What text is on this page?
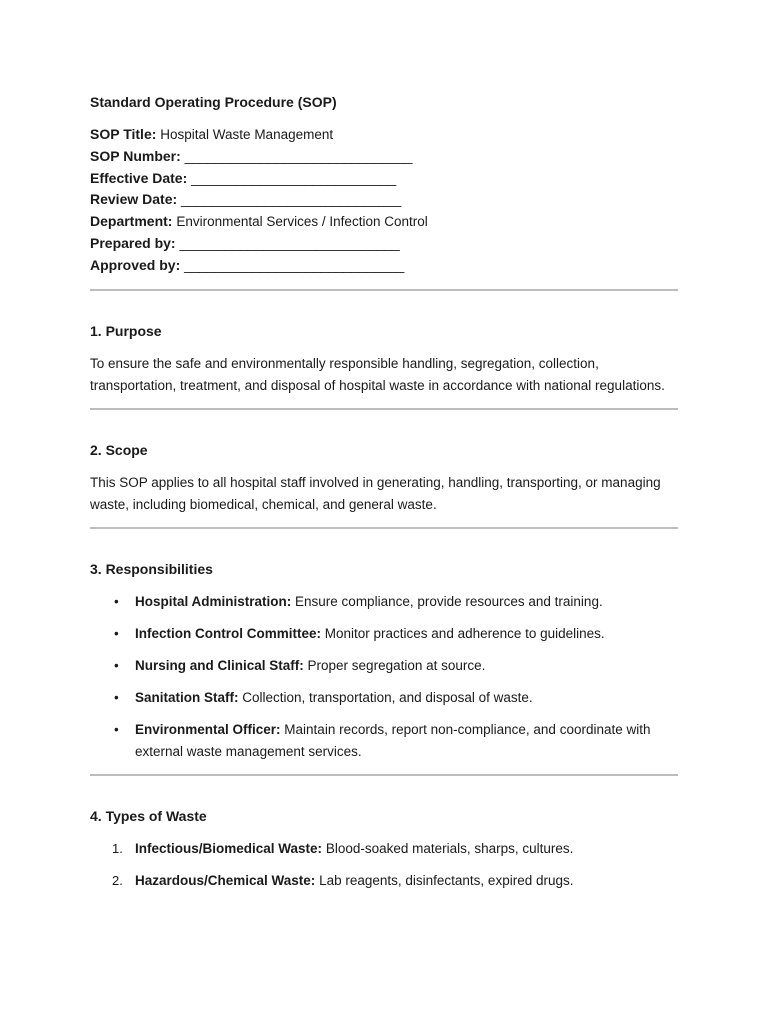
Standard Operating Procedure (SOP)
SOP Title: Hospital Waste Management
SOP Number: ______________________________
Effective Date: ___________________________
Review Date: _____________________________
Department: Environmental Services / Infection Control
Prepared by: _____________________________
Approved by: _____________________________
1. Purpose

To ensure the safe and environmentally responsible handling, segregation, collection, transportation, treatment, and disposal of hospital waste in accordance with national regulations.

2. Scope

This SOP applies to all hospital staff involved in generating, handling, transporting, or managing waste, including biomedical, chemical, and general waste.

3. Responsibilities
• Hospital Administration: Ensure compliance, provide resources and training.
• Infection Control Committee: Monitor practices and adherence to guidelines.
• Nursing and Clinical Staff: Proper segregation at source.
• Sanitation Staff: Collection, transportation, and disposal of waste.
• Environmental Officer: Maintain records, report non-compliance, and coordinate with external waste management services.
4. Types of Waste
1. Infectious/Biomedical Waste: Blood-soaked materials, sharps, cultures.
2. Hazardous/Chemical Waste: Lab reagents, disinfectants, expired drugs.
